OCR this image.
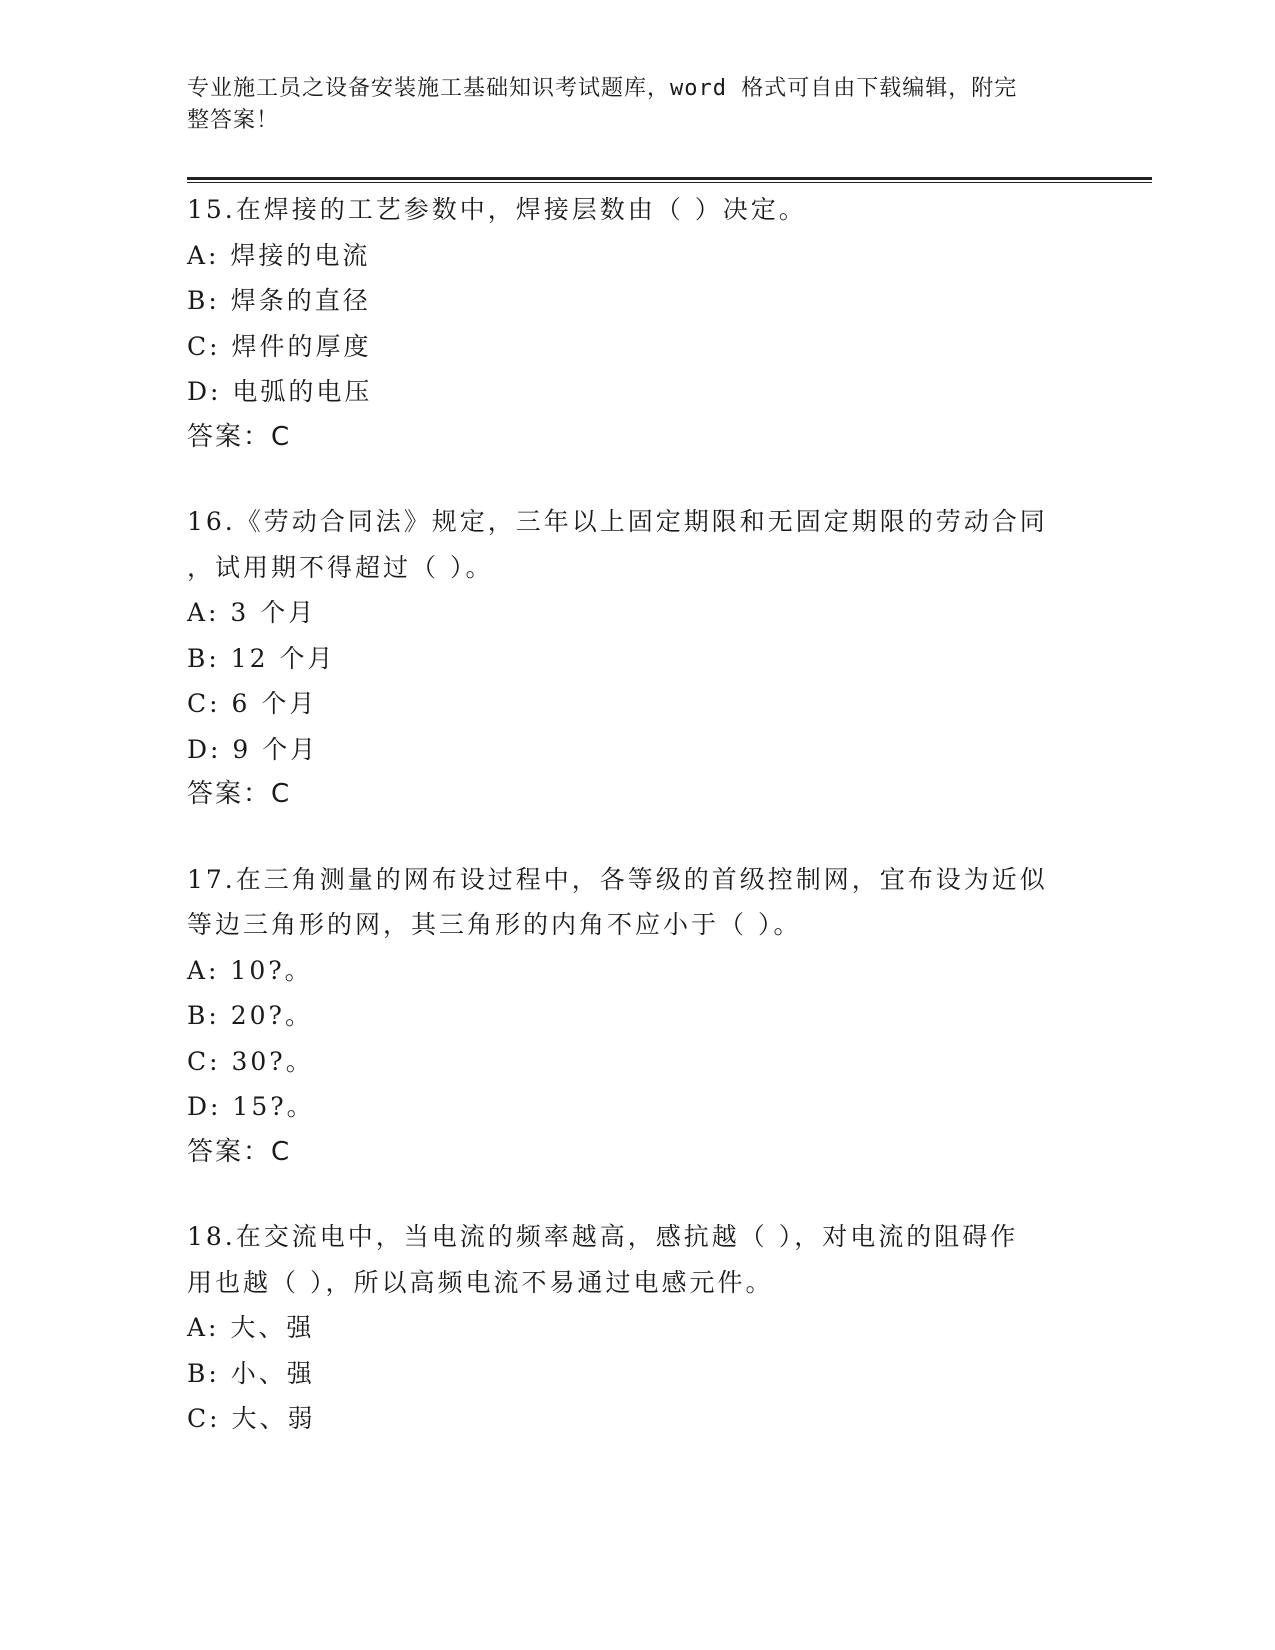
专业施工员之设备安装施工基础知识考试题库，word 格式可自由下载编辑，附完
整答案！
15.在焊接的工艺参数中，焊接层数由（ ）决定。
A: 焊接的电流
B: 焊条的直径
C: 焊件的厚度
D: 电弧的电压
答案：C
16.《劳动合同法》规定，三年以上固定期限和无固定期限的劳动合同
，试用期不得超过（ ）。
A: 3 个月
B: 12 个月
C: 6 个月
D: 9 个月
答案：C
17.在三角测量的网布设过程中，各等级的首级控制网，宜布设为近似
等边三角形的网，其三角形的内角不应小于（ ）。
A: 10?。
B: 20?。
C: 30?。
D: 15?。
答案：C
18.在交流电中，当电流的频率越高，感抗越（ ），对电流的阻碍作
用也越（ ），所以高频电流不易通过电感元件。
A: 大、强
B: 小、强
C: 大、弱
